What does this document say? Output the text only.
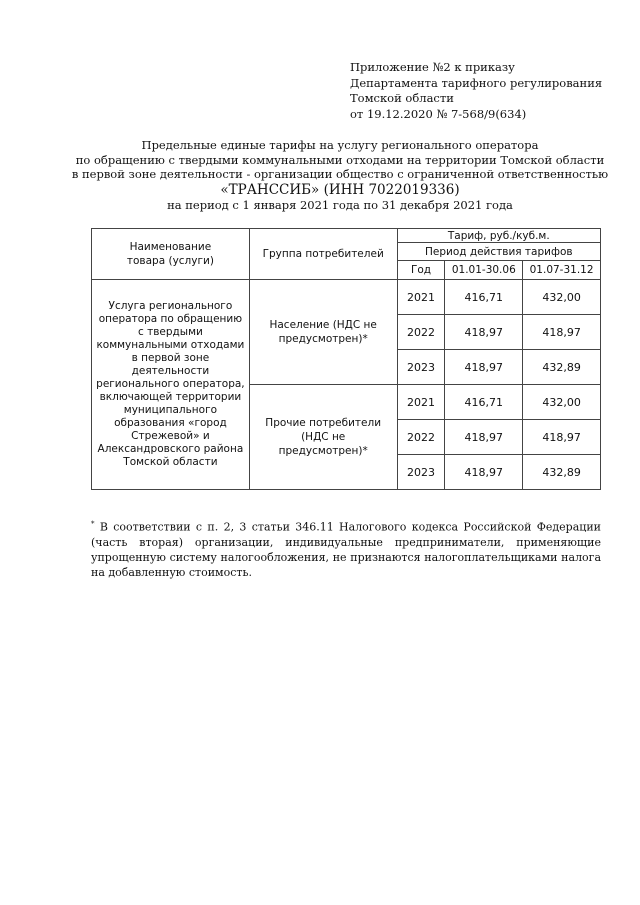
Приложение №2 к приказу
Департамента тарифного регулирования
Томской области
от 19.12.2020 № 7-568/9(634)
Предельные единые тарифы на услугу регионального оператора
по обращению с твердыми коммунальными отходами на территории Томской области
в первой зоне деятельности - организации общество с ограниченной ответственностью
«ТРАНССИБ» (ИНН 7022019336)
на период с 1 января 2021 года по 31 декабря 2021 года
Наименование товара (услуги)	Группа потребителей	Тариф, руб./куб.м.		
		Период действия тарифов		
		Год	01.01-30.06	01.07-31.12
Услуга регионального оператора по обращению с твердыми коммунальными отходами в первой зоне деятельности регионального оператора, включающей территории муниципального образования «город Стрежевой» и Александровского района Томской области	Население (НДС не предусмотрен)*	2021	416,71	432,00
		2022	418,97	418,97
		2023	418,97	432,89
	Прочие потребители (НДС не предусмотрен)*	2021	416,71	432,00
		2022	418,97	418,97
		2023	418,97	432,89
* В соответствии с п. 2, 3 статьи 346.11 Налогового кодекса Российской Федерации (часть вторая) организации, индивидуальные предприниматели, применяющие упрощенную систему налогообложения, не признаются налогоплательщиками налога на добавленную стоимость.
